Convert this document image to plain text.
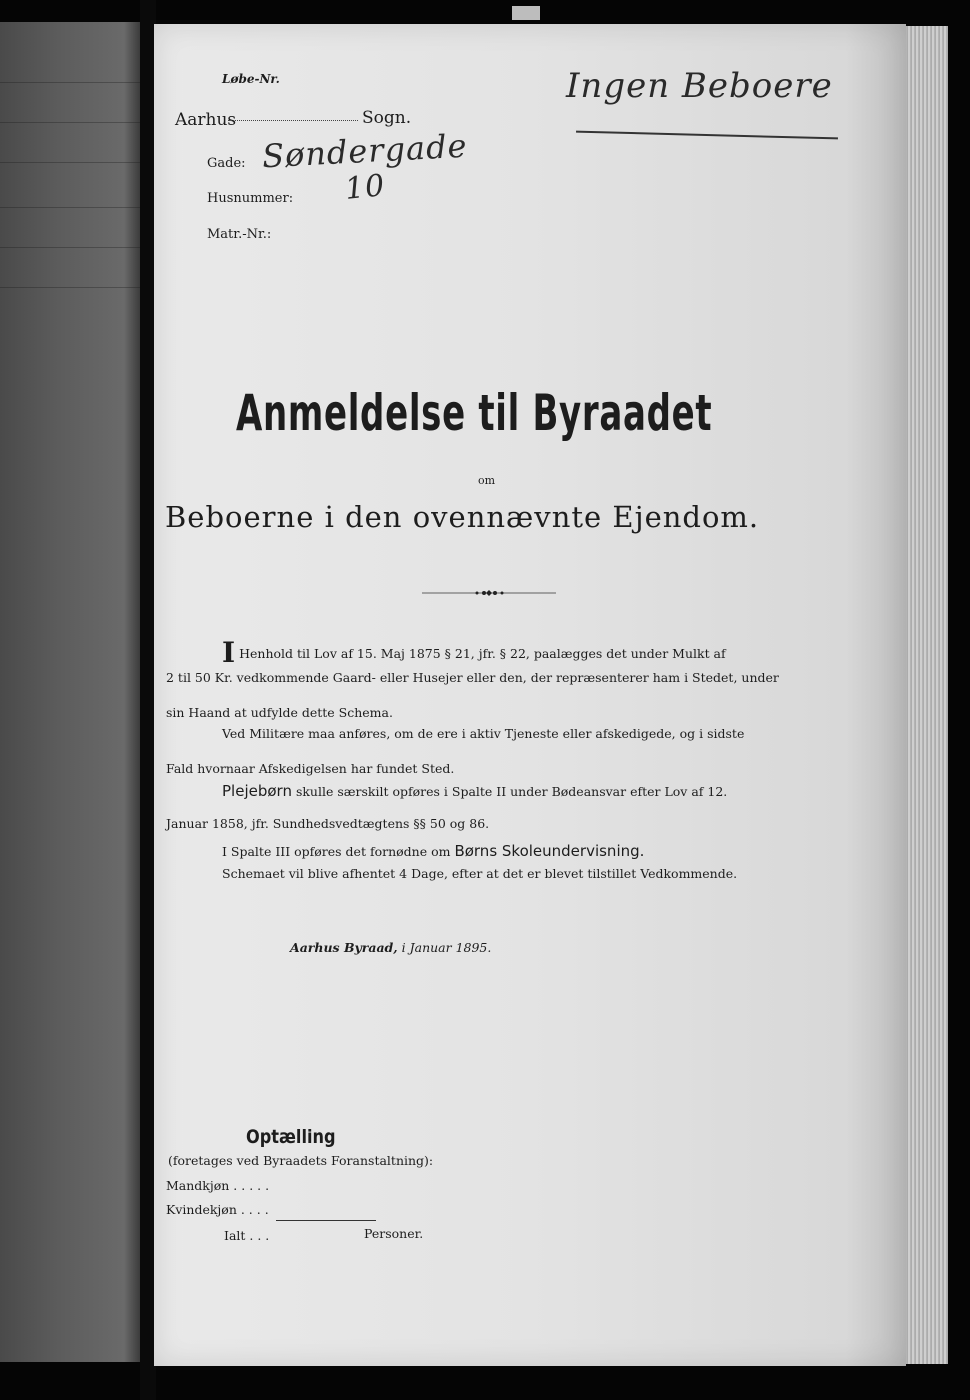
Løbe-Nr.
Aarhus	Sogn.
Gade:
Husnummer:
Matr.-Nr.:
Søndergade
10
Ingen Beboere
Anmeldelse til Byraadet
om
Beboerne i den ovennævnte Ejendom.
I Henhold til Lov af 15. Maj 1875 § 21, jfr. § 22, paalægges det under Mulkt af
2 til 50 Kr. vedkommende Gaard- eller Husejer eller den, der repræsenterer ham i Stedet, under
sin Haand at udfylde dette Schema.
Ved Militære maa anføres, om de ere i aktiv Tjeneste eller afskedigede, og i sidste
Fald hvornaar Afskedigelsen har fundet Sted.
Plejebørn skulle særskilt opføres i Spalte II under Bødeansvar efter Lov af 12.
Januar 1858, jfr. Sundhedsvedtægtens §§ 50 og 86.
I Spalte III opføres det fornødne om Børns Skoleundervisning.
Schemaet vil blive afhentet 4 Dage, efter at det er blevet tilstillet Vedkommende.
Aarhus Byraad, i Januar 1895.
Optælling
(foretages ved Byraadets Foranstaltning):
Mandkjøn . . . . .
Kvindekjøn . . . .
Ialt . . .	Personer.
